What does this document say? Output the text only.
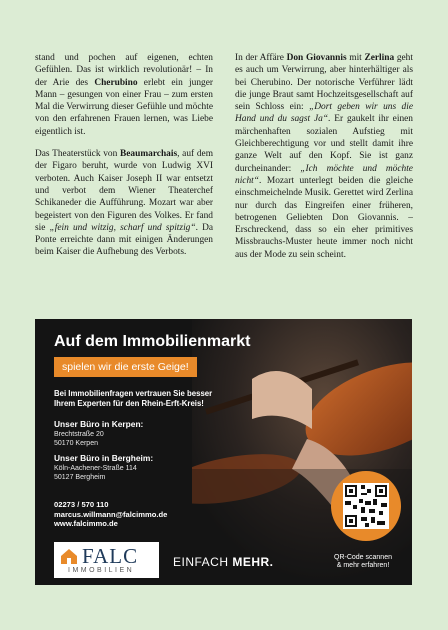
stand und pochen auf eigenen, echten Gefühlen. Das ist wirklich revolutionär! – In der Arie des Cherubino erlebt ein junger Mann – gesungen von einer Frau – zum ersten Mal die Verwirrung dieser Gefühle und möchte von den erfahrenen Frauen lernen, was Liebe eigentlich ist.

Das Theaterstück von Beaumarchais, auf dem der Figaro beruht, wurde von Ludwig XVI verboten. Auch Kaiser Joseph II war entsetzt und verbot dem Wiener Theaterchef Schikaneder die Aufführung. Mozart war aber begeistert von den Figuren des Volkes. Er fand sie „fein und witzig, scharf und spitzig“. Da Ponte erreichte dann mit einigen Änderungen beim Kaiser die Aufhebung des Verbots.

In der Affäre Don Giovannis mit Zerlina geht es auch um Verwirrung, aber hinterhältiger als bei Cherubino. Der notorische Verführer lädt die junge Braut samt Hochzeitsgesellschaft auf sein Schloss ein: „Dort geben wir uns die Hand und du sagst Ja“. Er gaukelt ihr einen märchenhaften sozialen Aufstieg mit Gleichberechtigung vor und stellt damit ihre ganze Welt auf den Kopf. Sie ist ganz durcheinander: „Ich möchte und möchte nicht“. Mozart unterlegt beiden die gleiche einschmeichelnde Musik. Gerettet wird Zerlina nur durch das Eingreifen einer früheren, betrogenen Geliebten Don Giovannis. – Erschreckend, dass so ein eher primitives Missbrauchs-Muster heute immer noch nicht aus der Mode zu sein scheint.

Auf dem Immobilienmarkt
spielen wir die erste Geige!
Bei Immobilienfragen vertrauen Sie besser
Ihrem Experten für den Rhein-Erft-Kreis!
Unser Büro in Kerpen:
Brechtstraße 20
50170 Kerpen
Unser Büro in Bergheim:
Köln-Aachener-Straße 114
50127 Bergheim
02273 / 570 110
marcus.willmann@falcimmo.de
www.falcimmo.de
FALC
IMMOBILIEN
EINFACH MEHR.	QR-Code scannen
& mehr erfahren!
